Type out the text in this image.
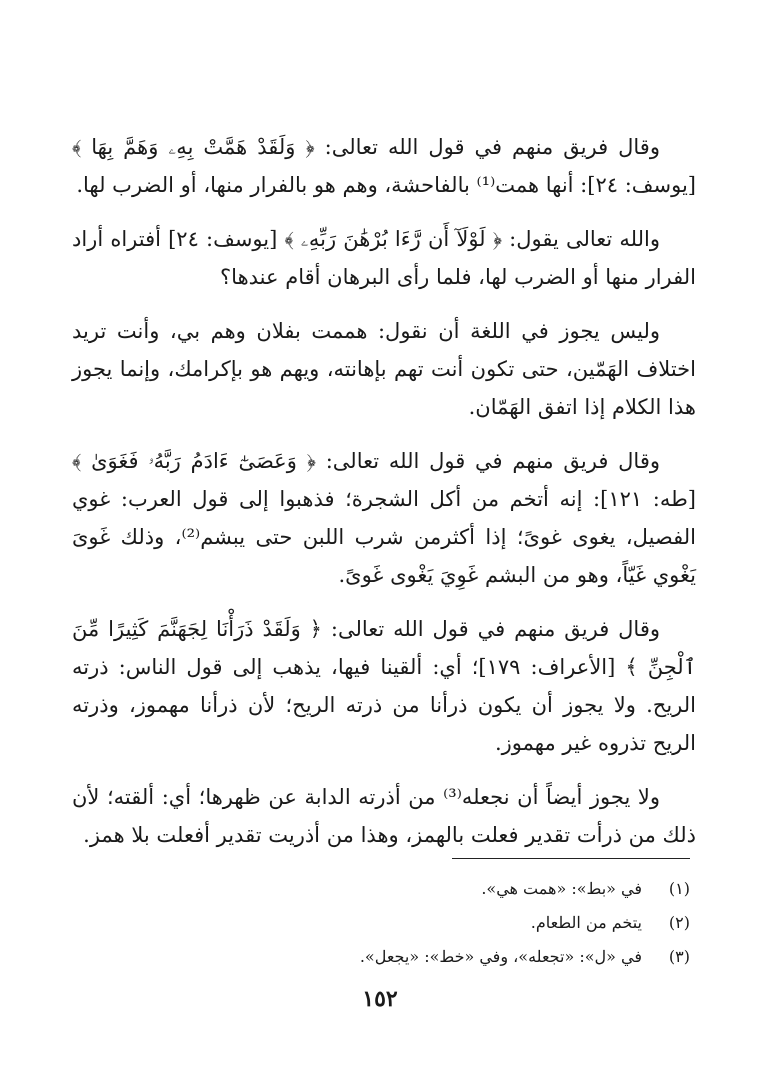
وقال فريق منهم في قول الله تعالى: ﴿ وَلَقَدْ هَمَّتْ بِهِۦ وَهَمَّ بِهَا ﴾ [يوسف: ٢٤]: أنها همت⁽¹⁾ بالفاحشة، وهم هو بالفرار منها، أو الضرب لها.

والله تعالى يقول: ﴿ لَوْلَآ أَن رَّءَا بُرْهَٰنَ رَبِّهِۦ ﴾ [يوسف: ٢٤] أفتراه أراد الفرار منها أو الضرب لها، فلما رأى البرهان أقام عندها؟

وليس يجوز في اللغة أن نقول: هممت بفلان وهم بي، وأنت تريد اختلاف الهَمّين، حتى تكون أنت تهم بإهانته، ويهم هو بإكرامك، وإنما يجوز هذا الكلام إذا اتفق الهَمّان.

وقال فريق منهم في قول الله تعالى: ﴿ وَعَصَىٰٓ ءَادَمُ رَبَّهُۥ فَغَوَىٰ ﴾[طه: ١٢١]: إنه أتخم من أكل الشجرة؛ فذهبوا إلى قول العرب: غوي الفصيل، يغوى غوىً؛ إذا أكثرمن شرب اللبن حتى يبشم⁽²⁾، وذلك غَوىَ يَغْوي غَيّاً، وهو من البشم غَوِيَ يَغْوى غَوىً.

وقال فريق منهم في قول الله تعالى: ﴿ وَلَقَدْ ذَرَأْنَا لِجَهَنَّمَ كَثِيرًا مِّنَ ٱلْجِنِّ ﴾ [الأعراف: ١٧٩]؛ أي: ألقينا فيها، يذهب إلى قول الناس: ذرته الريح. ولا يجوز أن يكون ذرأنا من ذرته الريح؛ لأن ذرأنا مهموز، وذرته الريح تذروه غير مهموز.

ولا يجوز أيضاً أن نجعله⁽³⁾ من أذرته الدابة عن ظهرها؛ أي: ألقته؛ لأن ذلك من ذرأت تقدير فعلت بالهمز، وهذا من أذريت تقدير أفعلت بلا همز.

(١)
في «بط»: «همت هي».
(٢)
يتخم من الطعام.
(٣)
في «ل»: «تجعله»، وفي «خط»: «يجعل».
١٥٢
